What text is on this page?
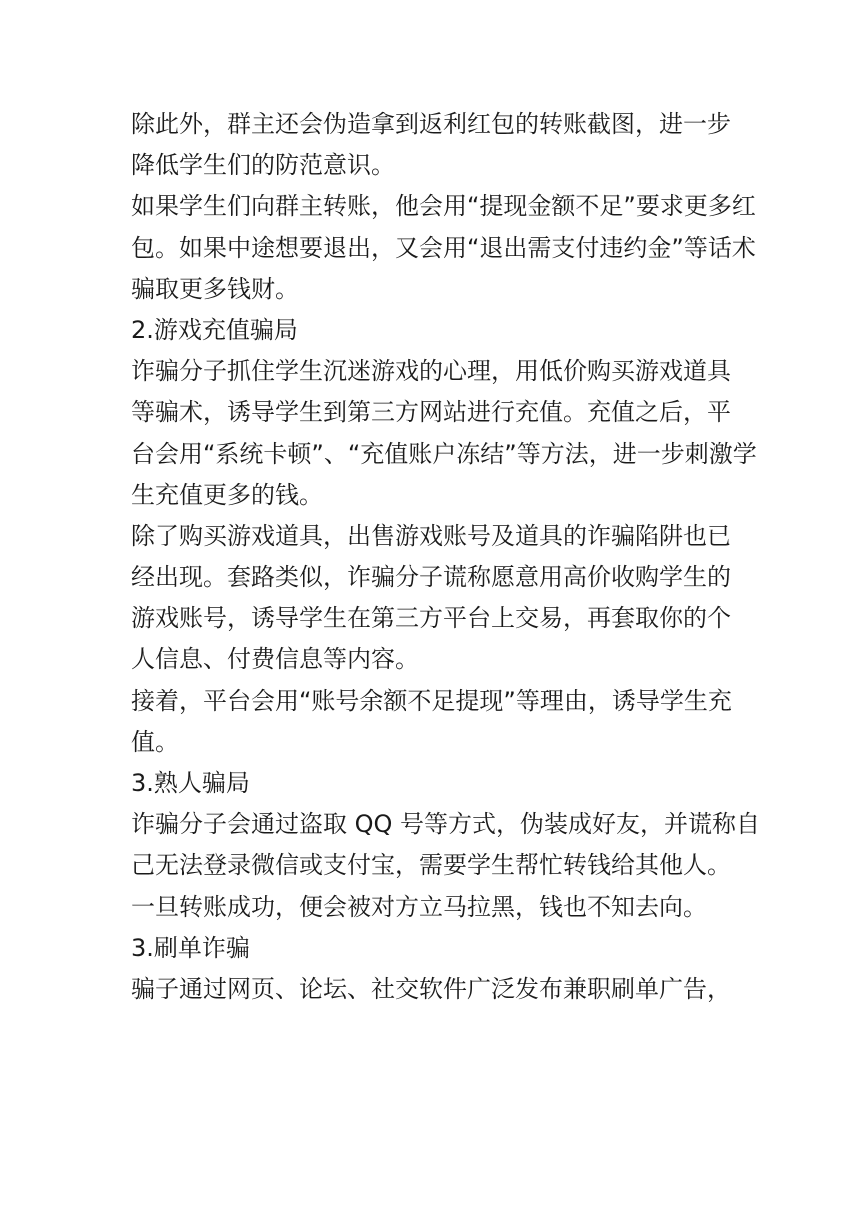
除此外，群主还会伪造拿到返利红包的转账截图，进一步
降低学生们的防范意识。
如果学生们向群主转账，他会用“提现金额不足”要求更多红
包。如果中途想要退出，又会用“退出需支付违约金”等话术
骗取更多钱财。
2.游戏充值骗局
诈骗分子抓住学生沉迷游戏的心理，用低价购买游戏道具
等骗术，诱导学生到第三方网站进行充值。充值之后，平
台会用“系统卡顿”、“充值账户冻结”等方法，进一步刺激学
生充值更多的钱。
除了购买游戏道具，出售游戏账号及道具的诈骗陷阱也已
经出现。套路类似，诈骗分子谎称愿意用高价收购学生的
游戏账号，诱导学生在第三方平台上交易，再套取你的个
人信息、付费信息等内容。
接着，平台会用“账号余额不足提现”等理由，诱导学生充
值。
3.熟人骗局
诈骗分子会通过盗取 QQ 号等方式，伪装成好友，并谎称自
己无法登录微信或支付宝，需要学生帮忙转钱给其他人。
一旦转账成功，便会被对方立马拉黑，钱也不知去向。
3.刷单诈骗
骗子通过网页、论坛、社交软件广泛发布兼职刷单广告，
